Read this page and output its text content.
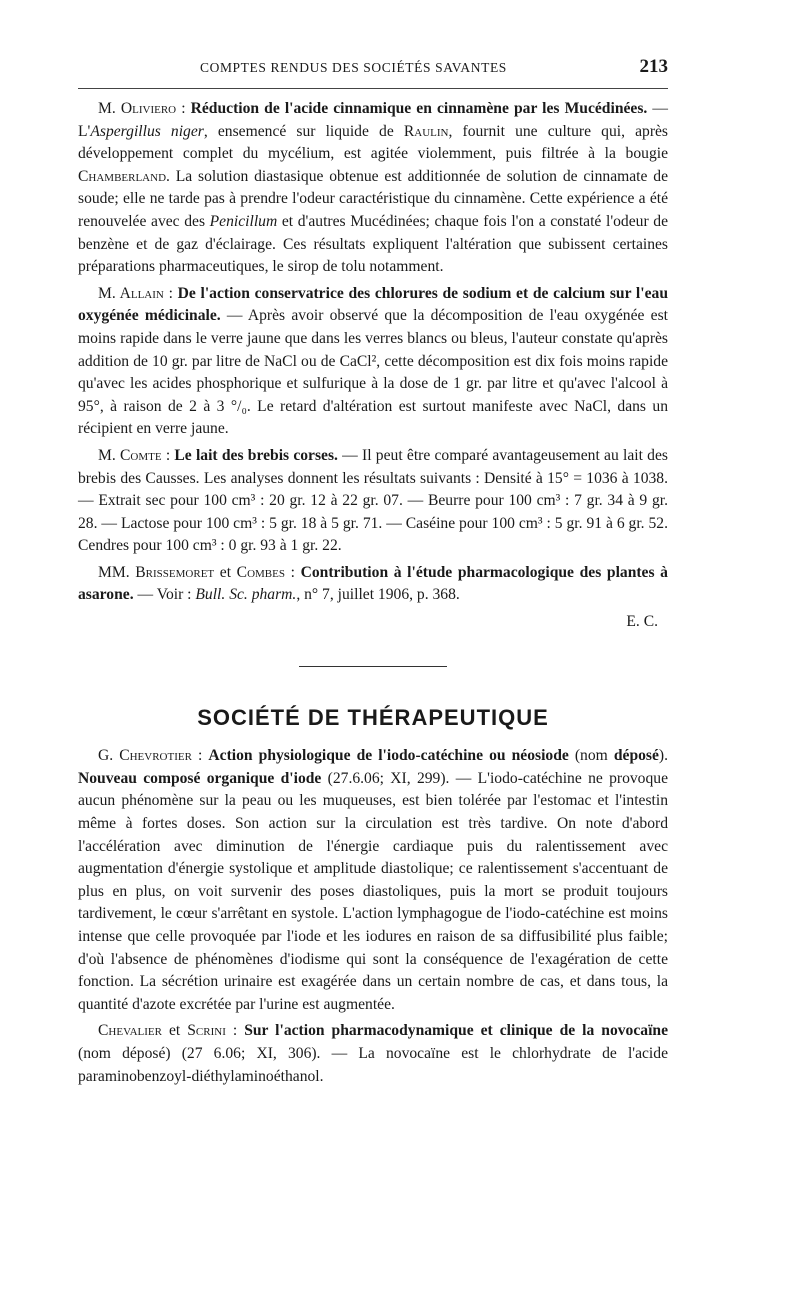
COMPTES RENDUS DES SOCIÉTÉS SAVANTES	213

M. Oliviero : Réduction de l'acide cinnamique en cinnamène par les Mucédinées. — L'Aspergillus niger, ensemencé sur liquide de Raulin, fournit une culture qui, après développement complet du mycélium, est agitée violemment, puis filtrée à la bougie Chamberland. La solution diastasique obtenue est additionnée de solution de cinnamate de soude; elle ne tarde pas à prendre l'odeur caractéristique du cinnamène. Cette expérience a été renouvelée avec des Penicillum et d'autres Mucédinées; chaque fois l'on a constaté l'odeur de benzène et de gaz d'éclairage. Ces résultats expliquent l'altération que subissent certaines préparations pharmaceutiques, le sirop de tolu notamment.

M. Allain : De l'action conservatrice des chlorures de sodium et de calcium sur l'eau oxygénée médicinale. — Après avoir observé que la décomposition de l'eau oxygénée est moins rapide dans le verre jaune que dans les verres blancs ou bleus, l'auteur constate qu'après addition de 10 gr. par litre de NaCl ou de CaCl², cette décomposition est dix fois moins rapide qu'avec les acides phosphorique et sulfurique à la dose de 1 gr. par litre et qu'avec l'alcool à 95°, à raison de 2 à 3 °/₀. Le retard d'altération est surtout manifeste avec NaCl, dans un récipient en verre jaune.

M. Comte : Le lait des brebis corses. — Il peut être comparé avantageusement au lait des brebis des Causses. Les analyses donnent les résultats suivants : Densité à 15° = 1036 à 1038. — Extrait sec pour 100 cm³ : 20 gr. 12 à 22 gr. 07. — Beurre pour 100 cm³ : 7 gr. 34 à 9 gr. 28. — Lactose pour 100 cm³ : 5 gr. 18 à 5 gr. 71. — Caséine pour 100 cm³ : 5 gr. 91 à 6 gr. 52. Cendres pour 100 cm³ : 0 gr. 93 à 1 gr. 22.

MM. Brissemoret et Combes : Contribution à l'étude pharmacologique des plantes à asarone. — Voir : Bull. Sc. pharm., n° 7, juillet 1906, p. 368.

E. C.

SOCIÉTÉ DE THÉRAPEUTIQUE

G. Chevrotier : Action physiologique de l'iodo-catéchine ou néosiode (nom déposé). Nouveau composé organique d'iode (27.6.06; XI, 299). — L'iodo-catéchine ne provoque aucun phénomène sur la peau ou les muqueuses, est bien tolérée par l'estomac et l'intestin même à fortes doses. Son action sur la circulation est très tardive. On note d'abord l'accélération avec diminution de l'énergie cardiaque puis du ralentissement avec augmentation d'énergie systolique et amplitude diastolique; ce ralentissement s'accentuant de plus en plus, on voit survenir des poses diastoliques, puis la mort se produit toujours tardivement, le cœur s'arrêtant en systole. L'action lymphagogue de l'iodo-catéchine est moins intense que celle provoquée par l'iode et les iodures en raison de sa diffusibilité plus faible; d'où l'absence de phénomènes d'iodisme qui sont la conséquence de l'exagération de cette fonction. La sécrétion urinaire est exagérée dans un certain nombre de cas, et dans tous, la quantité d'azote excrétée par l'urine est augmentée.

Chevalier et Scrini : Sur l'action pharmacodynamique et clinique de la novocaïne (nom déposé) (27 6.06; XI, 306). — La novocaïne est le chlorhydrate de l'acide paraminobenzoyl-diéthylaminoéthanol.
